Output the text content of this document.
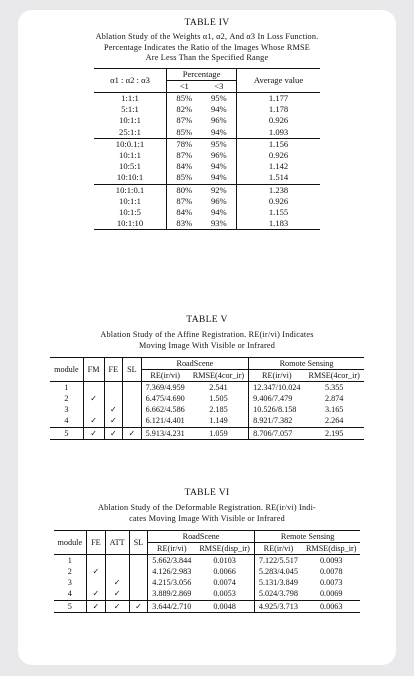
TABLE IV
Ablation Study of the Weights α1, α2, And α3 In Loss Function.
Percentage Indicates the Ratio of the Images Whose RMSE
Are Less Than the Specified Range
α1 : α2 : α3	Percentage		Average value
	<1	<3	
1:1:1	85%	95%	1.177
5:1:1	82%	94%	1.178
10:1:1	87%	96%	0.926
25:1:1	85%	94%	1.093
10:0.1:1	78%	95%	1.156
10:1:1	87%	96%	0.926
10:5:1	84%	94%	1.142
10:10:1	85%	94%	1.514
10:1:0.1	80%	92%	1.238
10:1:1	87%	96%	0.926
10:1:5	84%	94%	1.155
10:1:10	83%	93%	1.183
TABLE V
Ablation Study of the Affine Registration. RE(ir/vi) Indicates
Moving Image With Visible or Infrared
module	FM	FE	SL	RoadScene		Romote Sensing	
				RE(ir/vi)	RMSE(4cor_ir)	RE(ir/vi)	RMSE(4cor_ir)
1				7.369/4.959	2.541	12.347/10.024	5.355
2	✓			6.475/4.690	1.505	9.406/7.479	2.874
3		✓		6.662/4.586	2.185	10.526/8.158	3.165
4	✓	✓		6.121/4.401	1.149	8.921/7.382	2.264
5	✓	✓	✓	5.913/4.231	1.059	8.706/7.057	2.195
TABLE VI
Ablation Study of the Deformable Registration. RE(ir/vi) Indi-
cates Moving Image With Visible or Infrared
module	FE	ATT	SL	RoadScene		Remote Sensing	
				RE(ir/vi)	RMSE(disp_ir)	RE(ir/vi)	RMSE(disp_ir)
1				5.662/3.844	0.0103	7.122/5.517	0.0093
2	✓			4.126/2.983	0.0066	5.283/4.045	0.0078
3		✓		4.215/3.056	0.0074	5.131/3.849	0.0073
4	✓	✓		3.889/2.869	0.0053	5.024/3.798	0.0069
5	✓	✓	✓	3.644/2.710	0.0048	4.925/3.713	0.0063
